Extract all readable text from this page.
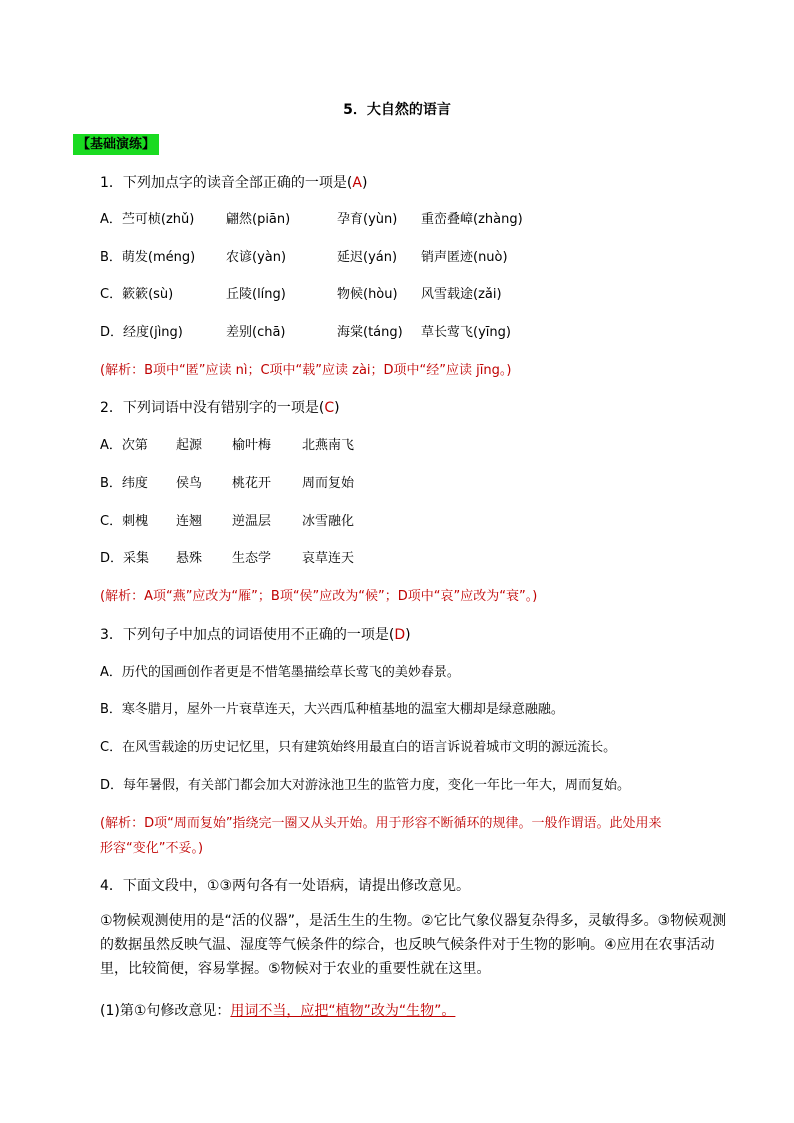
5．大自然的语言
【基础演练】
1．下列加点字的读音全部正确的一项是(A)
A．苎可桢(zhǔ) 翩然(piān)	孕育(yùn) 重峦叠嶂(zhàng)
B．萌发(méng) 农谚(yàn)	延迟(yán) 销声匿迹(nuò)
C．簌簌(sù)	丘陵(líng)	物候(hòu) 风雪载途(zǎi)
D．经度(jìng)	差别(chā)	海棠(táng) 草长莺飞(yīng)
(解析：B项中“匿”应读 nì；C项中“载”应读 zài；D项中“经”应读 jīng。)
2．下列词语中没有错别字的一项是(C)
A．次第 起源 榆叶梅 北燕南飞
B．纬度 侯鸟 桃花开 周而复始
C．刺槐 连翘 逆温层 冰雪融化
D．采集 悬殊 生态学 哀草连天
(解析：A项“燕”应改为“雁”；B项“侯”应改为“候”；D项中“哀”应改为“衰”。)
3．下列句子中加点的词语使用不正确的一项是(D)
A．历代的国画创作者更是不惜笔墨描绘草长莺飞的美妙春景。
B．寒冬腊月，屋外一片衰草连天，大兴西瓜种植基地的温室大棚却是绿意融融。
C．在风雪载途的历史记忆里，只有建筑始终用最直白的语言诉说着城市文明的源远流长。
D．每年暑假，有关部门都会加大对游泳池卫生的监管力度，变化一年比一年大，周而复始。
(解析：D项“周而复始”指绕完一圈又从头开始。用于形容不断循环的规律。一般作谓语。此处用来
形容“变化”不妥。)
4．下面文段中，①③两句各有一处语病，请提出修改意见。
①物候观测使用的是“活的仪器”，是活生生的生物。②它比气象仪器复杂得多，灵敏得多。③物候观测的数据虽然反映气温、湿度等气候条件的综合，也反映气候条件对于生物的影响。④应用在农事活动里，比较简便，容易掌握。⑤物候对于农业的重要性就在这里。
(1)第①句修改意见：用词不当，应把“植物”改为“生物”。
